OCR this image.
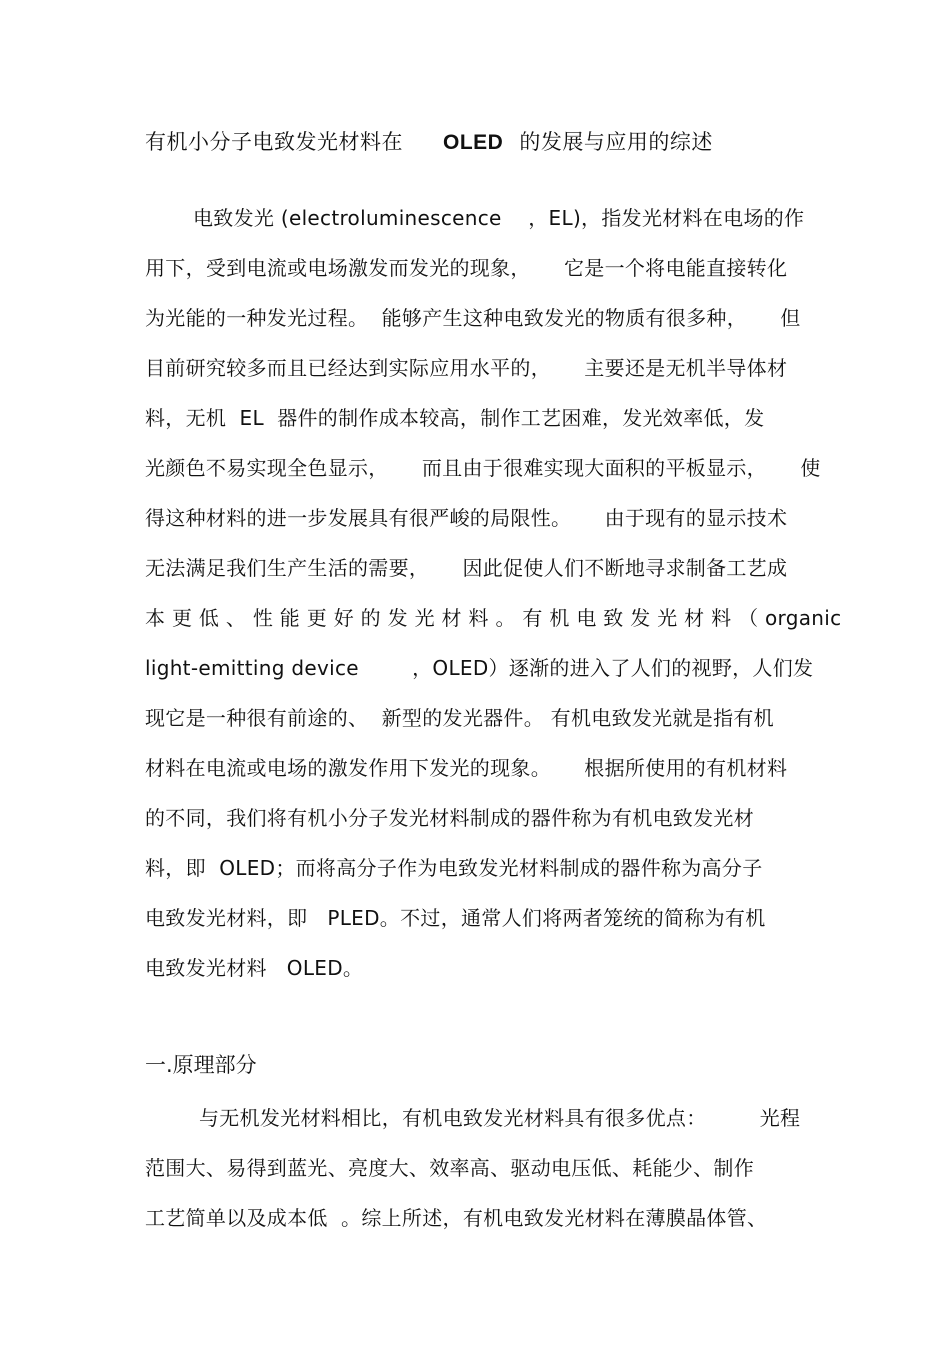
有机小分子电致发光材料在 OLED 的发展与应用的综述
电致发光 (electroluminescence    ，EL)，指发光材料在电场的作
用下，受到电流或电场激发而发光的现象，     它是一个将电能直接转化
为光能的一种发光过程。  能够产生这种电致发光的物质有很多种，     但
目前研究较多而且已经达到实际应用水平的，     主要还是无机半导体材
料，无机  EL  器件的制作成本较高，制作工艺困难，发光效率低，发
光颜色不易实现全色显示，     而且由于很难实现大面积的平板显示，     使
得这种材料的进一步发展具有很严峻的局限性。     由于现有的显示技术
无法满足我们生产生活的需要，     因此促使人们不断地寻求制备工艺成
本 更 低 、 性 能 更 好 的 发 光 材 料 。 有 机 电 致 发 光 材 料 （ organic
light-emitting device        ，OLED）逐渐的进入了人们的视野，人们发
现它是一种很有前途的、  新型的发光器件。 有机电致发光就是指有机
材料在电流或电场的激发作用下发光的现象。     根据所使用的有机材料
的不同，我们将有机小分子发光材料制成的器件称为有机电致发光材
料，即  OLED；而将高分子作为电致发光材料制成的器件称为高分子
电致发光材料，即   PLED。不过，通常人们将两者笼统的简称为有机
电致发光材料   OLED。
一.原理部分
与无机发光材料相比，有机电致发光材料具有很多优点：        光程
范围大、易得到蓝光、亮度大、效率高、驱动电压低、耗能少、制作
工艺简单以及成本低  。综上所述，有机电致发光材料在薄膜晶体管、
